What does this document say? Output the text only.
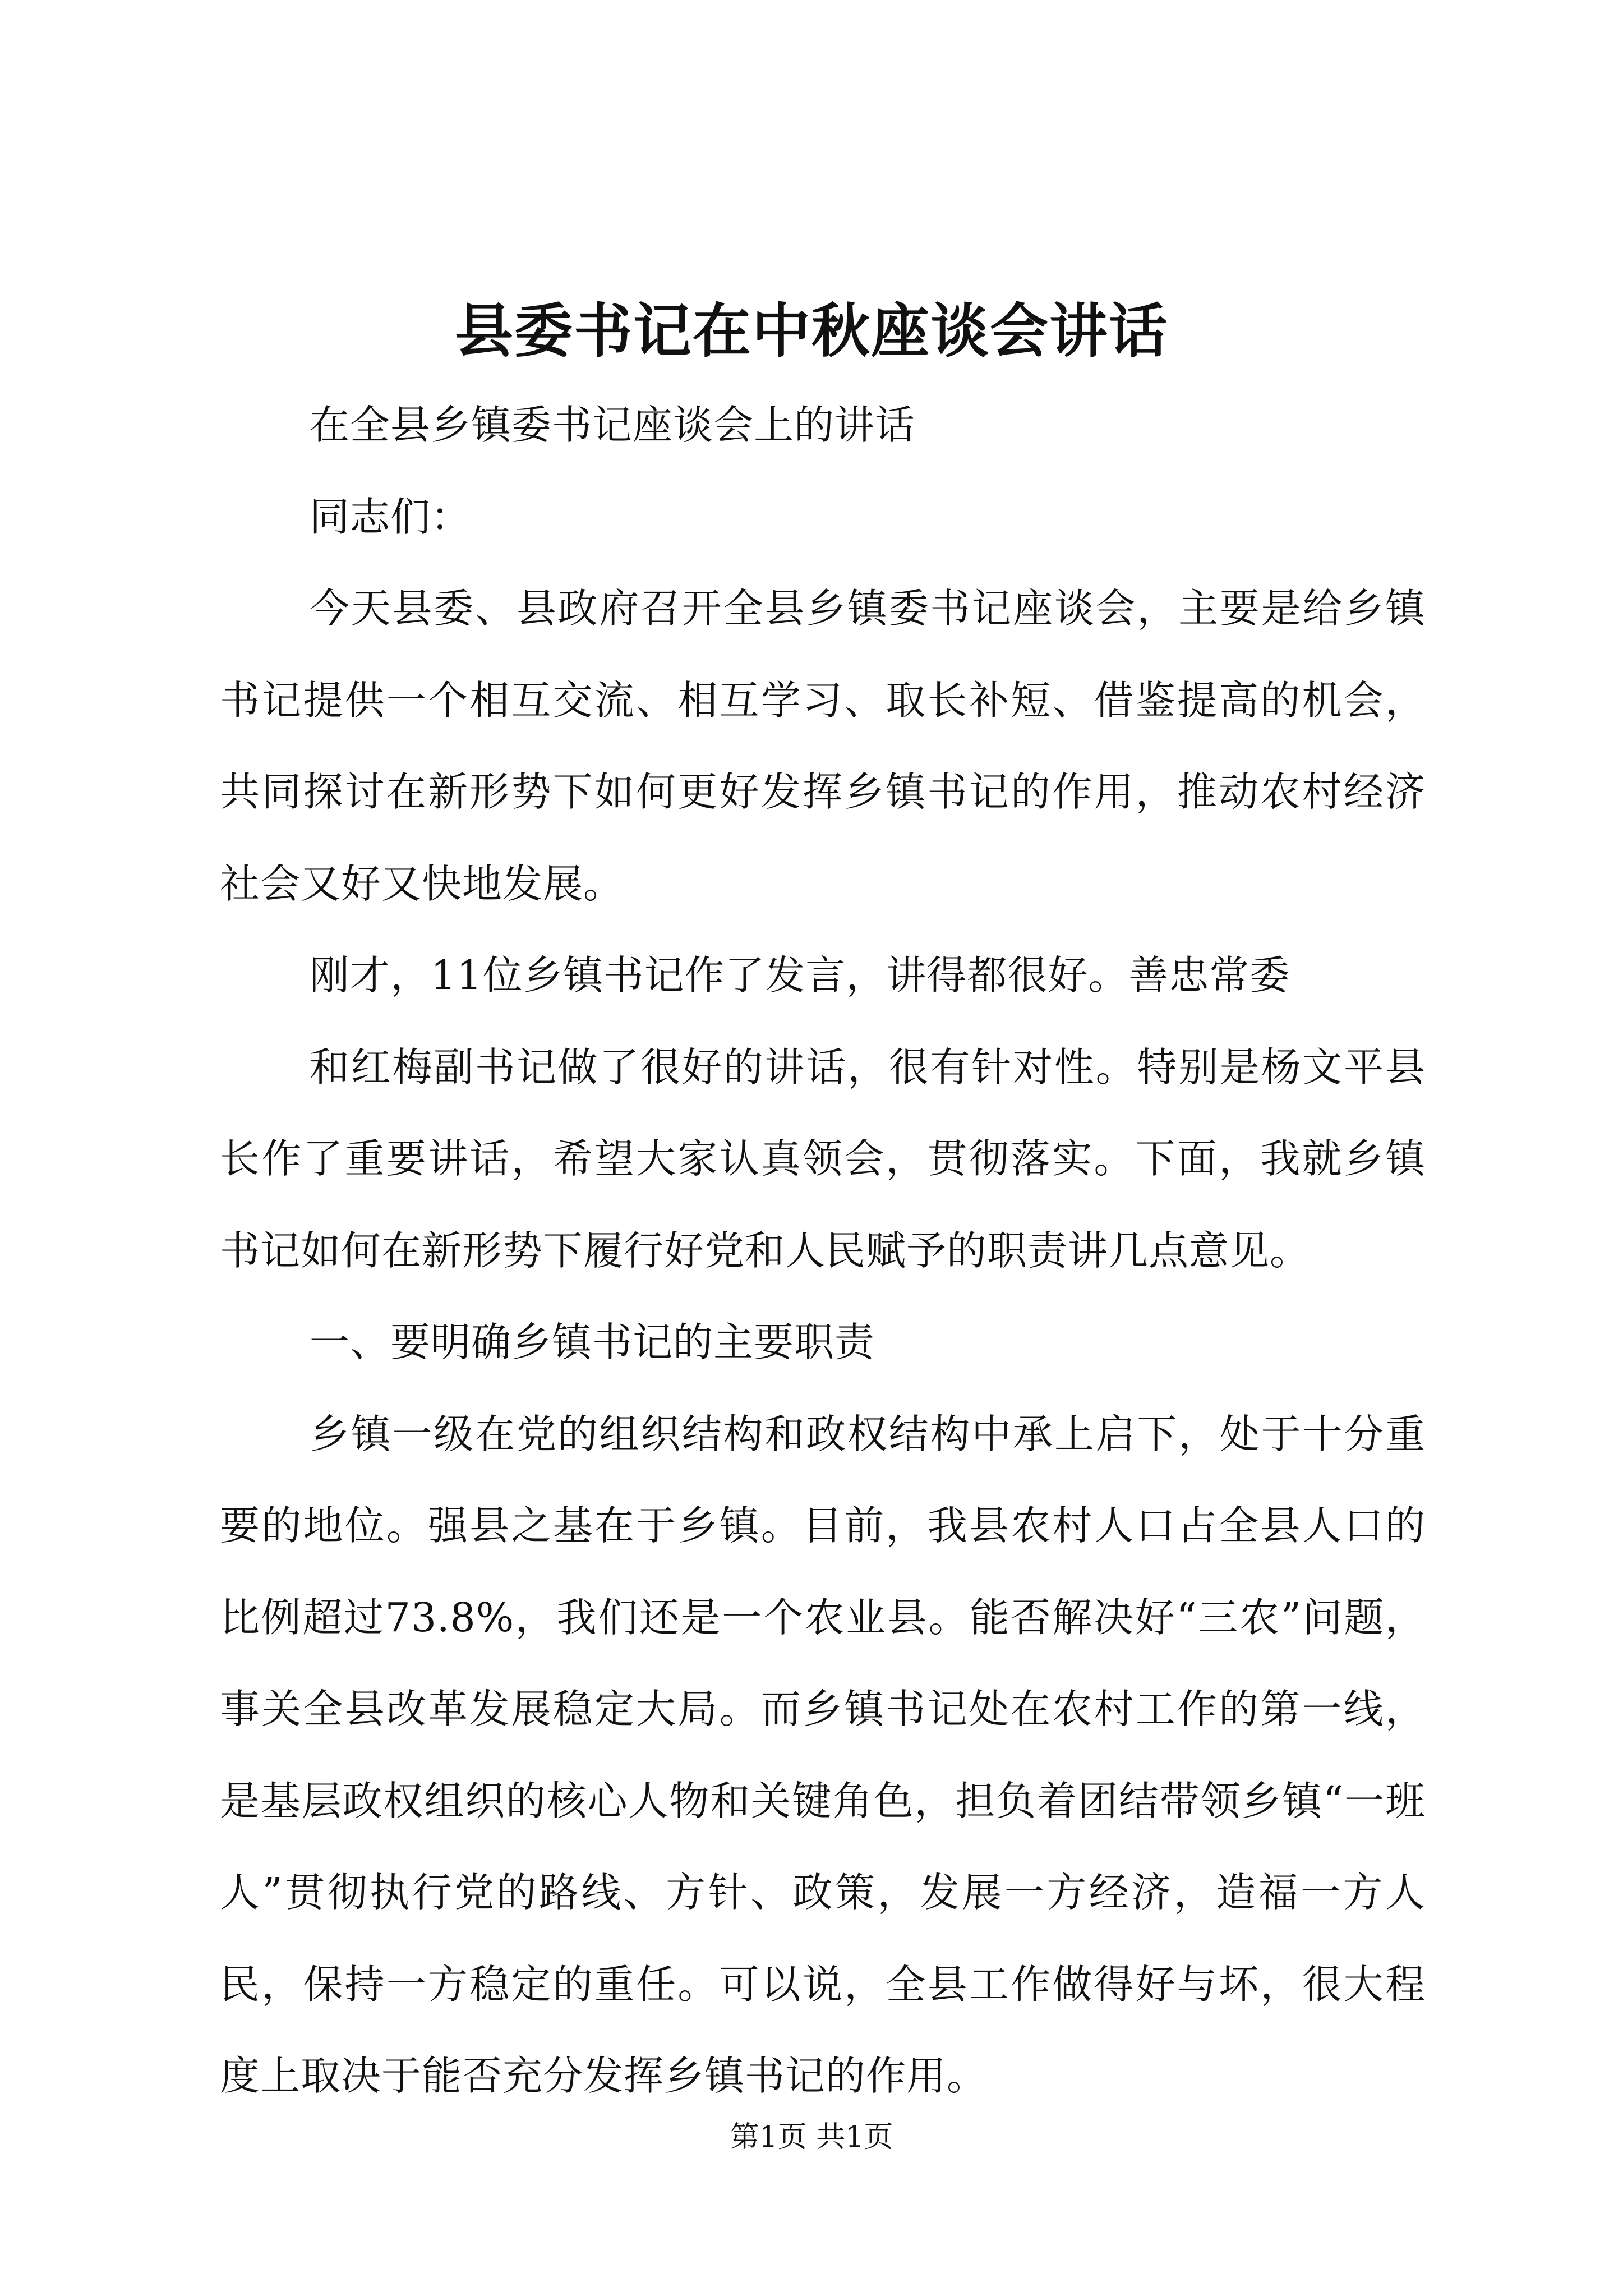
县委书记在中秋座谈会讲话

在全县乡镇委书记座谈会上的讲话

同志们：

今天县委、县政府召开全县乡镇委书记座谈会，主要是给乡镇书记提供一个相互交流、相互学习、取长补短、借鉴提高的机会，共同探讨在新形势下如何更好发挥乡镇书记的作用，推动农村经济社会又好又快地发展。

刚才，11位乡镇书记作了发言，讲得都很好。善忠常委

和红梅副书记做了很好的讲话，很有针对性。特别是杨文平县长作了重要讲话，希望大家认真领会，贯彻落实。下面，我就乡镇书记如何在新形势下履行好党和人民赋予的职责讲几点意见。

一、要明确乡镇书记的主要职责

乡镇一级在党的组织结构和政权结构中承上启下，处于十分重要的地位。强县之基在于乡镇。目前，我县农村人口占全县人口的比例超过73.8%，我们还是一个农业县。能否解决好“三农”问题，事关全县改革发展稳定大局。而乡镇书记处在农村工作的第一线，是基层政权组织的核心人物和关键角色，担负着团结带领乡镇“一班人”贯彻执行党的路线、方针、政策，发展一方经济，造福一方人民，保持一方稳定的重任。可以说，全县工作做得好与坏，很大程度上取决于能否充分发挥乡镇书记的作用。

第1页 共1页
